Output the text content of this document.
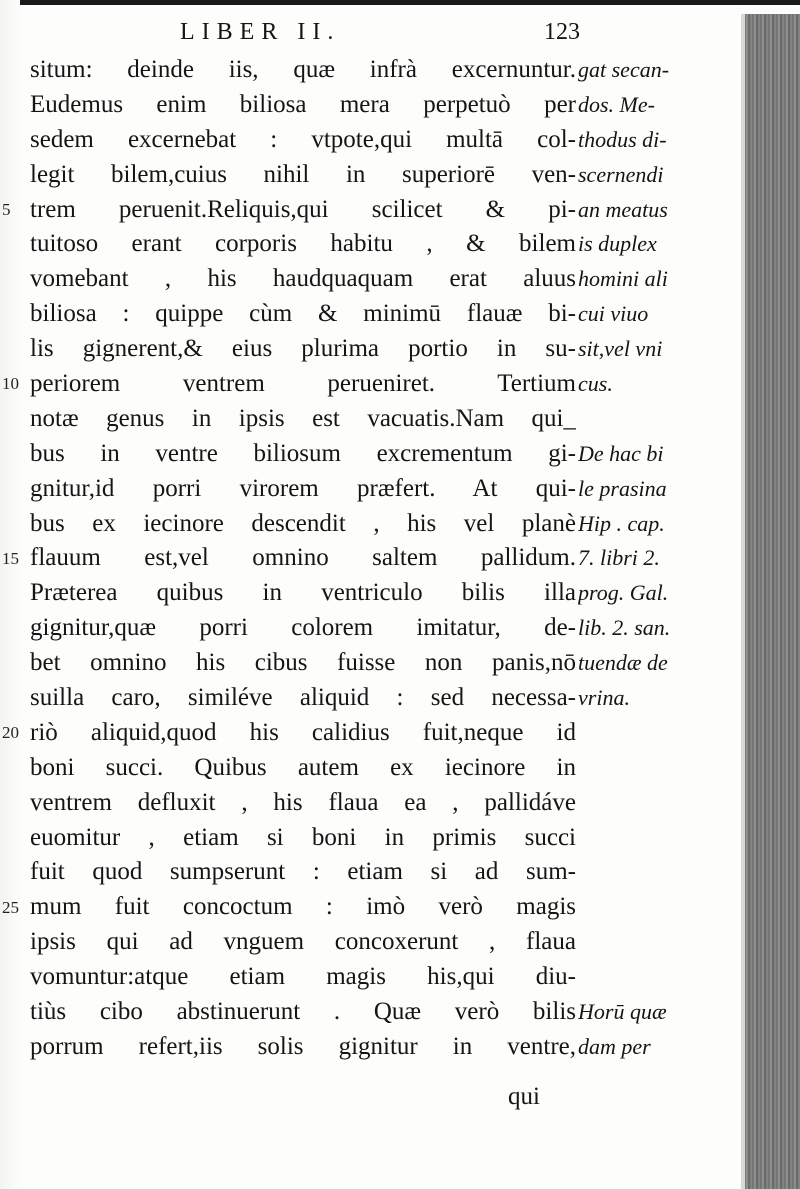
LIBER II.	123
5
10
15
20
25
situm: deinde iis, quæ infrà excernuntur.
Eudemus enim biliosa mera perpetuò per
sedem excernebat : vtpote,qui multā col-
legit bilem,cuius nihil in superiorē ven-
trem peruenit.Reliquis,qui scilicet & pi-
tuitoso erant corporis habitu , & bilem
vomebant , his haudquaquam erat aluus
biliosa : quippe cùm & minimū flauæ bi-
lis gignerent,& eius plurima portio in su-
periorem ventrem perueniret. Tertium
notæ genus in ipsis est vacuatis.Nam qui_
bus in ventre biliosum excrementum gi-
gnitur,id porri virorem præfert. At qui-
bus ex iecinore descendit , his vel planè
flauum est,vel omnino saltem pallidum.
Præterea quibus in ventriculo bilis illa
gignitur,quæ porri colorem imitatur, de-
bet omnino his cibus fuisse non panis,nō
suilla caro, similéve aliquid : sed necessa-
riò aliquid,quod his calidius fuit,neque id
boni succi. Quibus autem ex iecinore in
ventrem defluxit , his flaua ea , pallidáve
euomitur , etiam si boni in primis succi
fuit quod sumpserunt : etiam si ad sum-
mum fuit concoctum : imò verò magis
ipsis qui ad vnguem concoxerunt , flaua
vomuntur:atque etiam magis his,qui diu-
tiùs cibo abstinuerunt . Quæ verò bilis
porrum refert,iis solis gignitur in ventre,
gat secan-
dos. Me-
thodus di-
scernendi
an meatus
is duplex
homini ali
cui viuo
sit,vel vni
cus.
De hac bi
le prasina
Hip . cap.
7. libri 2.
prog. Gal.
lib. 2. san.
tuendæ de
vrina.
Horū quæ
dam per
qui
